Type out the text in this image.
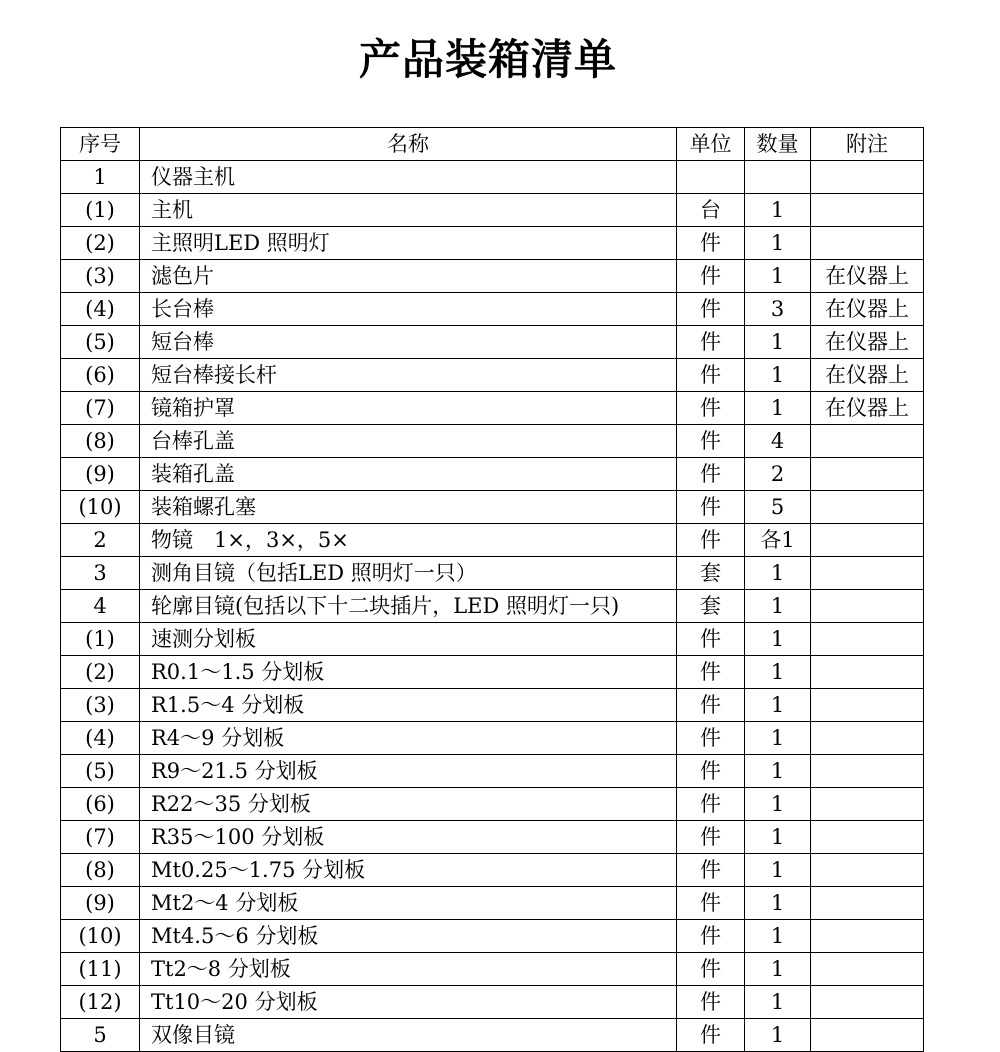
产品装箱清单
序号	名称	单位	数量	附注
1	仪器主机			
(1)	主机	台	1	
(2)	主照明LED 照明灯	件	1	
(3)	滤色片	件	1	在仪器上
(4)	长台棒	件	3	在仪器上
(5)	短台棒	件	1	在仪器上
(6)	短台棒接长杆	件	1	在仪器上
(7)	镜箱护罩	件	1	在仪器上
(8)	台棒孔盖	件	4	
(9)	装箱孔盖	件	2	
(10)	装箱螺孔塞	件	5	
2	物镜　1×，3×，5×	件	各1	
3	测角目镜（包括LED 照明灯一只）	套	1	
4	轮廓目镜(包括以下十二块插片，LED 照明灯一只)	套	1	
(1)	速测分划板	件	1	
(2)	R0.1～1.5 分划板	件	1	
(3)	R1.5～4 分划板	件	1	
(4)	R4～9 分划板	件	1	
(5)	R9～21.5 分划板	件	1	
(6)	R22～35 分划板	件	1	
(7)	R35～100 分划板	件	1	
(8)	Mt0.25～1.75 分划板	件	1	
(9)	Mt2～4 分划板	件	1	
(10)	Mt4.5～6 分划板	件	1	
(11)	Tt2～8 分划板	件	1	
(12)	Tt10～20 分划板	件	1	
5	双像目镜	件	1	
